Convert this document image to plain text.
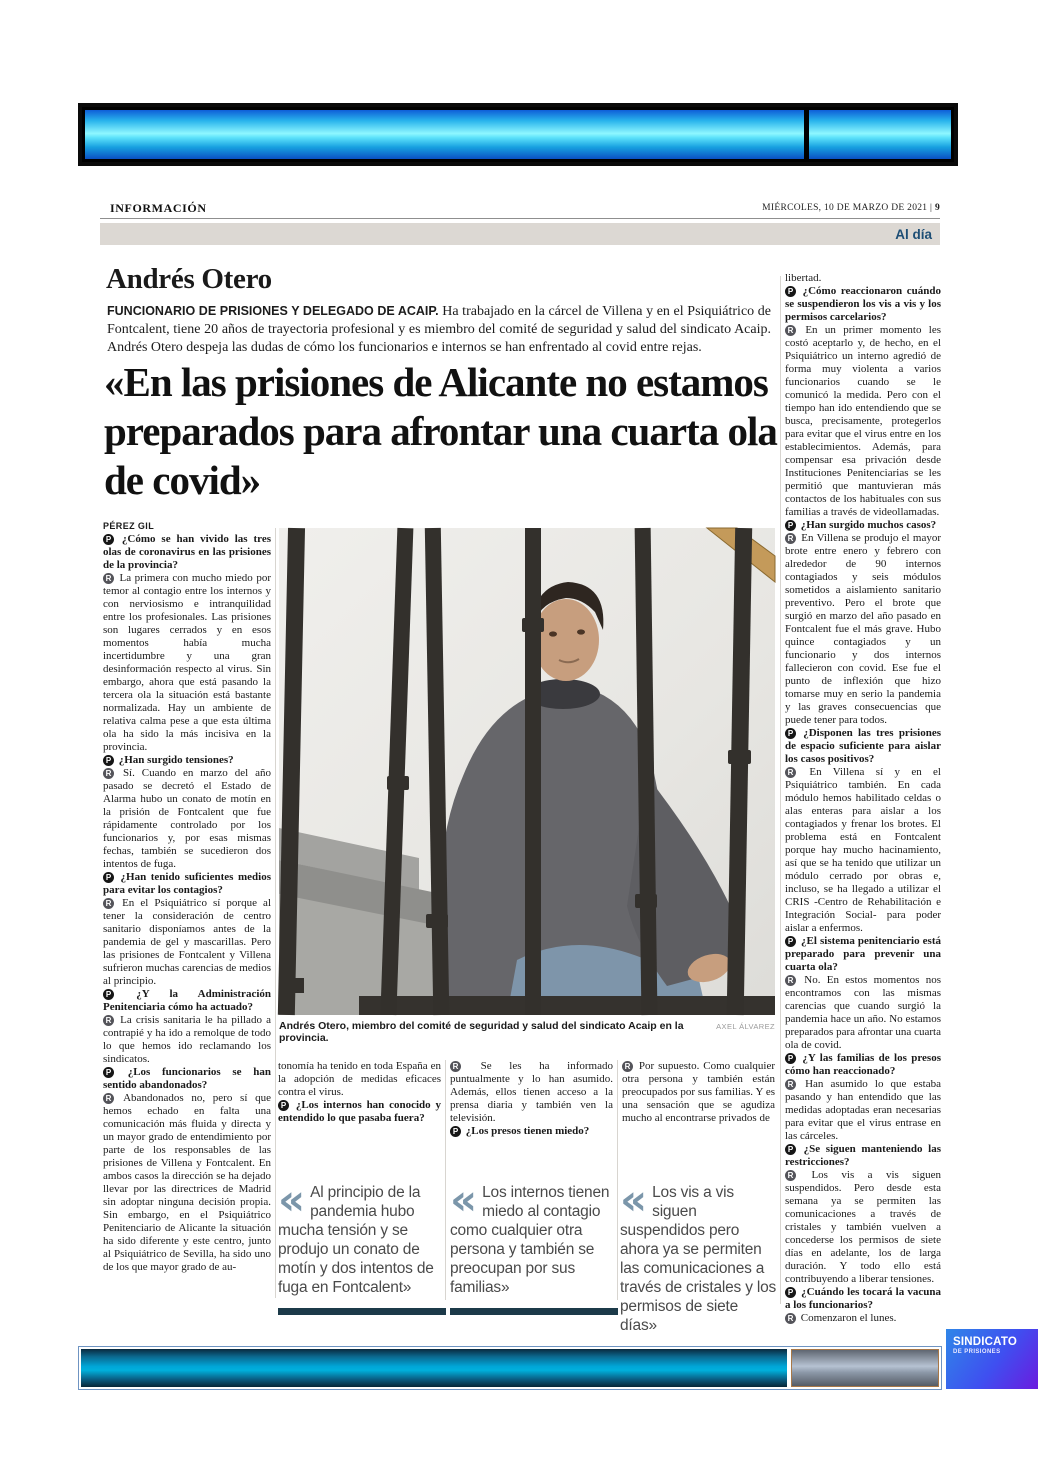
INFORMACIÓN	MIÉRCOLES, 10 DE MARZO DE 2021 | 9
Al día
Andrés Otero
FUNCIONARIO DE PRISIONES Y DELEGADO DE ACAIP. Ha trabajado en la cárcel de Villena y en el Psiquiátrico de Fontcalent, tiene 20 años de trayectoria profesional y es miembro del comité de seguridad y salud del sindicato Acaip. Andrés Otero despeja las dudas de cómo los funcionarios e internos se han enfrentado al covid entre rejas.
«En las prisiones de Alicante no estamos preparados para afrontar una cuarta ola de covid»

PÉREZ GIL

P ¿Cómo se han vivido las tres olas de coronavirus en las prisiones de la provincia?

R La primera con mucho miedo por temor al contagio entre los internos y con nerviosismo e intranquilidad entre los profesionales. Las prisiones son lugares cerrados y en esos momentos había mucha incertidumbre y una gran desinformación respecto al virus. Sin embargo, ahora que está pasando la tercera ola la situación está bastante normalizada. Hay un ambiente de relativa calma pese a que esta última ola ha sido la más incisiva en la provincia.

P ¿Han surgido tensiones?

R Sí. Cuando en marzo del año pasado se decretó el Estado de Alarma hubo un conato de motín en la prisión de Fontcalent que fue rápidamente controlado por los funcionarios y, por esas mismas fechas, también se sucedieron dos intentos de fuga.

P ¿Han tenido suficientes medios para evitar los contagios?

R En el Psiquiátrico sí porque al tener la consideración de centro sanitario disponíamos antes de la pandemia de gel y mascarillas. Pero las prisiones de Fontcalent y Villena sufrieron muchas carencias de medios al principio.

P ¿Y la Administración Penitenciaria cómo ha actuado?

R La crisis sanitaria le ha pillado a contrapié y ha ido a remolque de todo lo que hemos ido reclamando los sindicatos.

P ¿Los funcionarios se han sentido abandonados?

R Abandonados no, pero sí que hemos echado en falta una comunicación más fluida y directa y un mayor grado de entendimiento por parte de los responsables de las prisiones de Villena y Fontcalent. En ambos casos la dirección se ha dejado llevar por las directrices de Madrid sin adoptar ninguna decisión propia. Sin embargo, en el Psiquiátrico Penitenciario de Alicante la situación ha sido diferente y este centro, junto al Psiquiátrico de Sevilla, ha sido uno de los que mayor grado de au-

tonomía ha tenido en toda España en la adopción de medidas eficaces contra el virus.

P ¿Los internos han conocido y entendido lo que pasaba fuera?

R Se les ha informado puntualmente y lo han asumido. Además, ellos tienen acceso a la prensa diaria y también ven la televisión.

P ¿Los presos tienen miedo?

R Por supuesto. Como cualquier otra persona y también están preocupados por sus familias. Y es una sensación que se agudiza mucho al encontrarse privados de

libertad.

P ¿Cómo reaccionaron cuándo se suspendieron los vis a vis y los permisos carcelarios?

R En un primer momento les costó aceptarlo y, de hecho, en el Psiquiátrico un interno agredió de forma muy violenta a varios funcionarios cuando se le comunicó la medida. Pero con el tiempo han ido entendiendo que se busca, precisamente, protegerlos para evitar que el virus entre en los establecimientos. Además, para compensar esa privación desde Instituciones Penitenciarias se les permitió que mantuvieran más contactos de los habituales con sus familias a través de videollamadas.

P ¿Han surgido muchos casos?

R En Villena se produjo el mayor brote entre enero y febrero con alrededor de 90 internos contagiados y seis módulos sometidos a aislamiento sanitario preventivo. Pero el brote que surgió en marzo del año pasado en Fontcalent fue el más grave. Hubo quince contagiados y un funcionario y dos internos fallecieron con covid. Ese fue el punto de inflexión que hizo tomarse muy en serio la pandemia y las graves consecuencias que puede tener para todos.

P ¿Disponen las tres prisiones de espacio suficiente para aislar los casos positivos?

R En Villena sí y en el Psiquiátrico también. En cada módulo hemos habilitado celdas o alas enteras para aislar a los contagiados y frenar los brotes. El problema está en Fontcalent porque hay mucho hacinamiento, así que se ha tenido que utilizar un módulo cerrado por obras e, incluso, se ha llegado a utilizar el CRIS -Centro de Rehabilitación e Integración Social- para poder aislar a enfermos.

P ¿El sistema penitenciario está preparado para prevenir una cuarta ola?

R No. En estos momentos nos encontramos con las mismas carencias que cuando surgió la pandemia hace un año. No estamos preparados para afrontar una cuarta ola de covid.

P ¿Y las familias de los presos cómo han reaccionado?

R Han asumido lo que estaba pasando y han entendido que las medidas adoptadas eran necesarias para evitar que el virus entrase en las cárceles.

P ¿Se siguen manteniendo las restricciones?

R Los vis a vis siguen suspendidos. Pero desde esta semana ya se permiten las comunicaciones a través de cristales y también vuelven a concederse los permisos de siete días en adelante, los de larga duración. Y todo ello está contribuyendo a liberar tensiones.

P ¿Cuándo les tocará la vacuna a los funcionarios?

R Comenzaron el lunes.

Andrés Otero, miembro del comité de seguridad y salud del sindicato Acaip en la provincia.
AXEL ÁLVAREZ
« Al principio de la pandemia hubo mucha tensión y se produjo un conato de motín y dos intentos de fuga en Fontcalent»
« Los internos tienen miedo al contagio como cualquier otra persona y también se preocupan por sus familias»
« Los vis a vis siguen suspendidos pero ahora ya se permiten las comunicaciones a través de cristales y los permisos de siete días»
SINDICATO
DE PRISIONES
